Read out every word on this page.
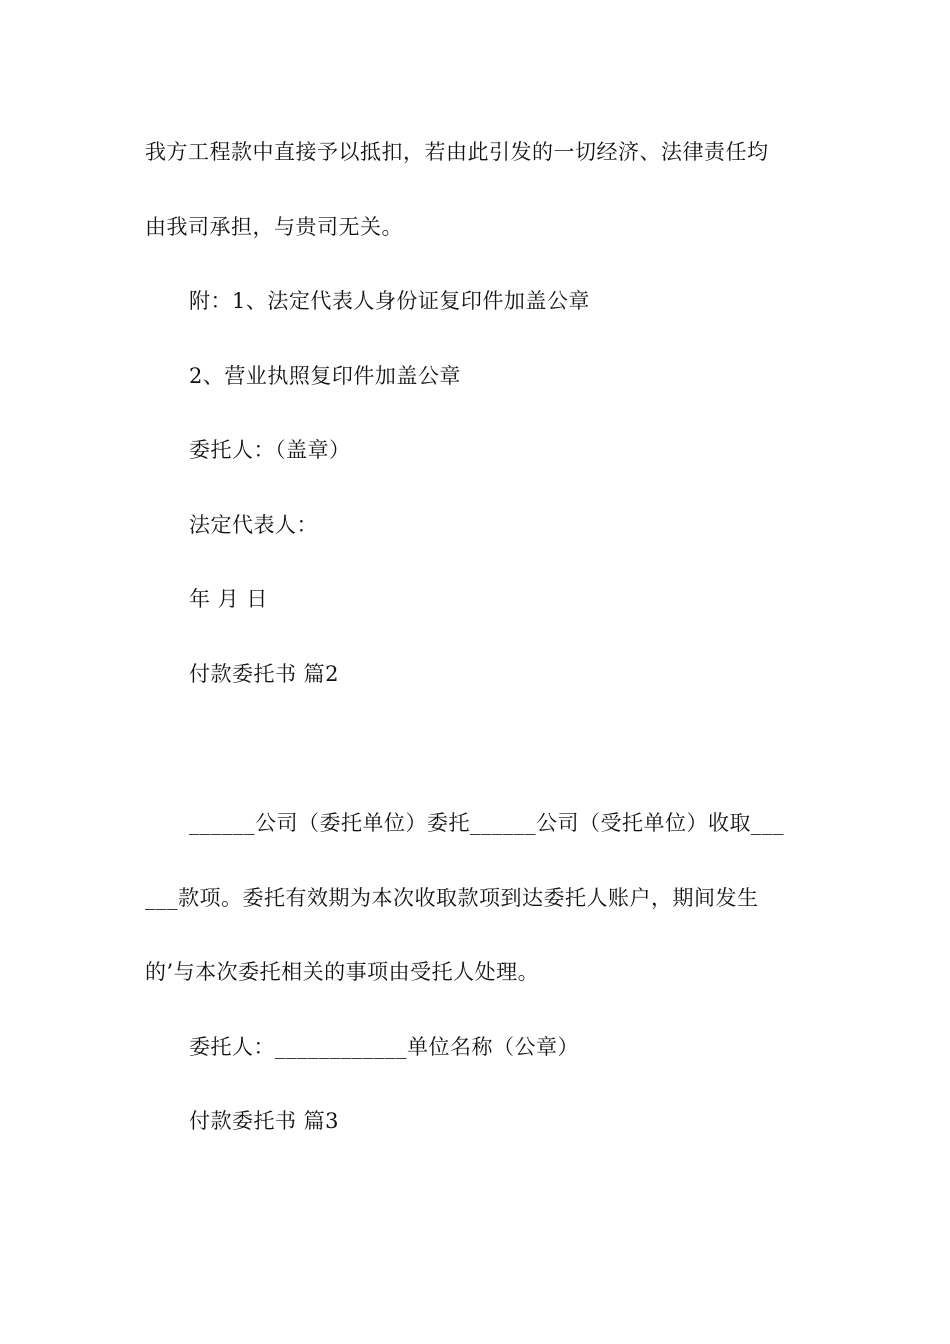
我方工程款中直接予以抵扣，若由此引发的一切经济、法律责任均
由我司承担，与贵司无关。
附：1、法定代表人身份证复印件加盖公章
2、营业执照复印件加盖公章
委托人：（盖章）
法定代表人：
年 月 日
付款委托书 篇2
______公司（委托单位）委托______公司（受托单位）收取___
___款项。委托有效期为本次收取款项到达委托人账户，期间发生
的’与本次委托相关的事项由受托人处理。
委托人：____________单位名称（公章）
付款委托书 篇3
